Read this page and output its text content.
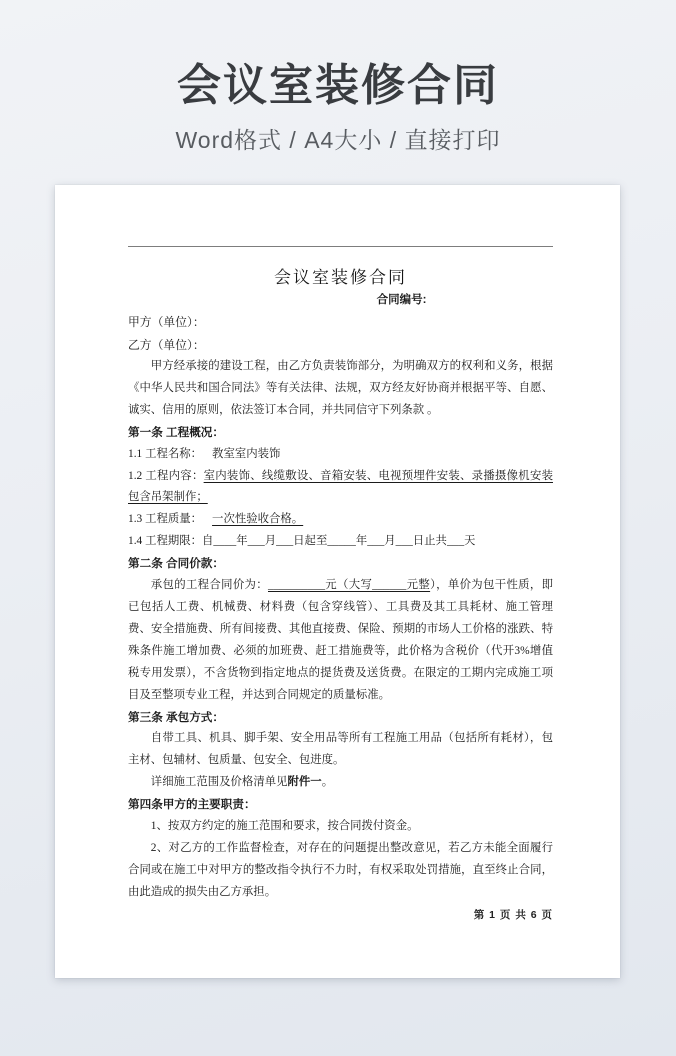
会议室装修合同
Word格式 / A4大小 / 直接打印
会议室装修合同
合同编号:
甲方（单位）：
乙方（单位）：

甲方经承接的建设工程，由乙方负责装饰部分，为明确双方的权利和义务，根据《中华人民共和国合同法》等有关法律、法规，双方经友好协商并根据平等、自愿、诚实、信用的原则，依法签订本合同，并共同信守下列条款 。

第一条 工程概况：

1.1 工程名称： 教室室内装饰

1.2 工程内容：室内装饰、线缆敷设、音箱安装、电视预埋件安装、录播摄像机安装包含吊架制作；

1.3 工程质量： 一次性验收合格。

1.4 工程期限：自____年___月___日起至_____年___月___日止共___天

第二条 合同价款：

承包的工程合同价为：__________元（大写______元整），单价为包干性质，即已包括人工费、机械费、材料费（包含穿线管）、工具费及其工具耗材、施工管理费、安全措施费、所有间接费、其他直接费、保险、预期的市场人工价格的涨跌、特殊条件施工增加费、必须的加班费、赶工措施费等，此价格为含税价（代开3%增值税专用发票），不含货物到指定地点的提货费及送货费。在限定的工期内完成施工项目及至整项专业工程，并达到合同规定的质量标准。

第三条 承包方式：

自带工具、机具、脚手架、安全用品等所有工程施工用品（包括所有耗材），包主材、包辅材、包质量、包安全、包进度。

详细施工范围及价格清单见附件一。

第四条甲方的主要职责：

1、按双方约定的施工范围和要求，按合同拨付资金。

2、对乙方的工作监督检查，对存在的问题提出整改意见，若乙方未能全面履行合同或在施工中对甲方的整改指令执行不力时，有权采取处罚措施，直至终止合同，由此造成的损失由乙方承担。

第 1 页 共 6 页
